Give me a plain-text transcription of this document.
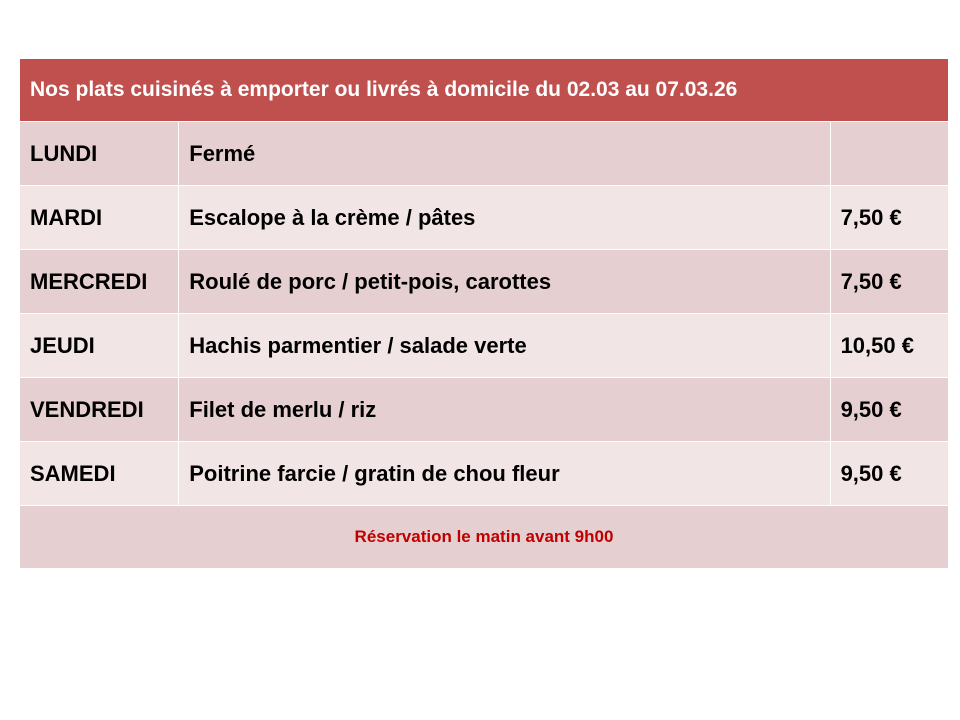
Nos plats cuisinés à emporter ou livrés à domicile du 02.03 au 07.03.26		
LUNDI	Fermé	
MARDI	Escalope à la crème / pâtes	7,50 €
MERCREDI	Roulé de porc / petit-pois, carottes	7,50 €
JEUDI	Hachis parmentier / salade verte	10,50 €
VENDREDI	Filet de merlu / riz	9,50 €
SAMEDI	Poitrine farcie / gratin de chou fleur	9,50 €
Réservation le matin avant 9h00		
